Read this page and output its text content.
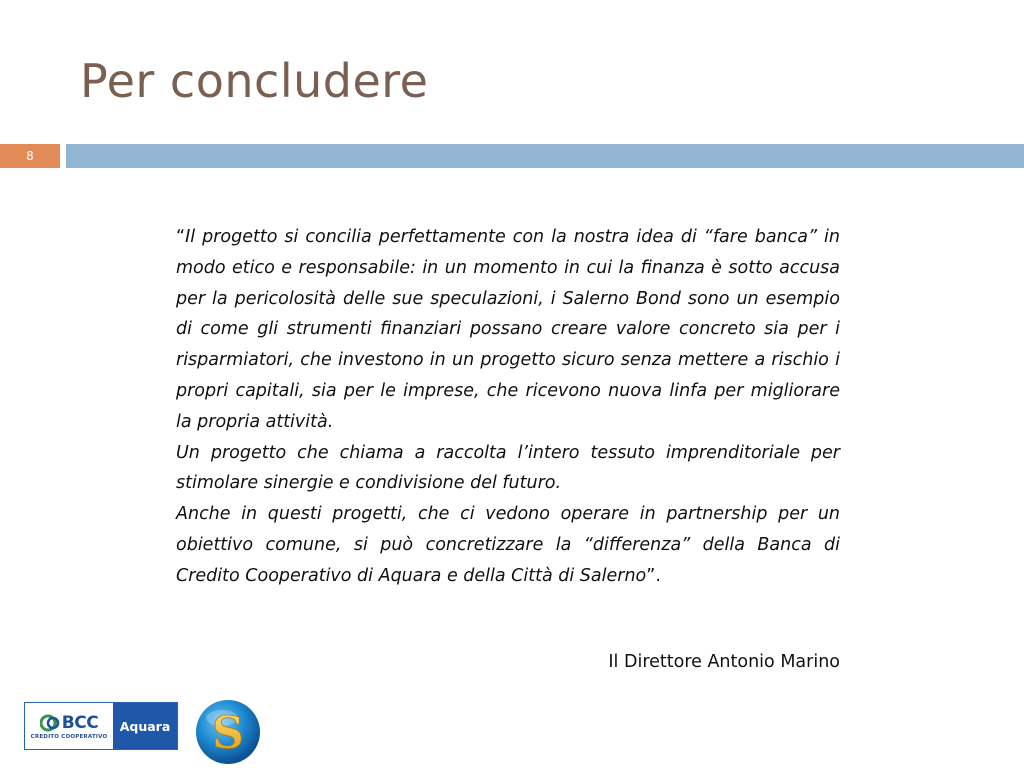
Per concludere
8

“Il progetto si concilia perfettamente con la nostra idea di “fare banca” in modo etico e responsabile: in un momento in cui la finanza è sotto accusa per la pericolosità delle sue speculazioni, i Salerno Bond sono un esempio di come gli strumenti finanziari possano creare valore concreto sia per i risparmiatori, che investono in un progetto sicuro senza mettere a rischio i propri capitali, sia per le imprese, che ricevono nuova linfa per migliorare la propria attività.

Un progetto che chiama a raccolta l’intero tessuto imprenditoriale per stimolare sinergie e condivisione del futuro.

Anche in questi progetti, che ci vedono operare in partnership per un obiettivo comune, si può concretizzare la “differenza” della Banca di Credito Cooperativo di Aquara e della Città di Salerno”.

Il Direttore Antonio Marino
BCC
CREDITO COOPERATIVO
Aquara S
